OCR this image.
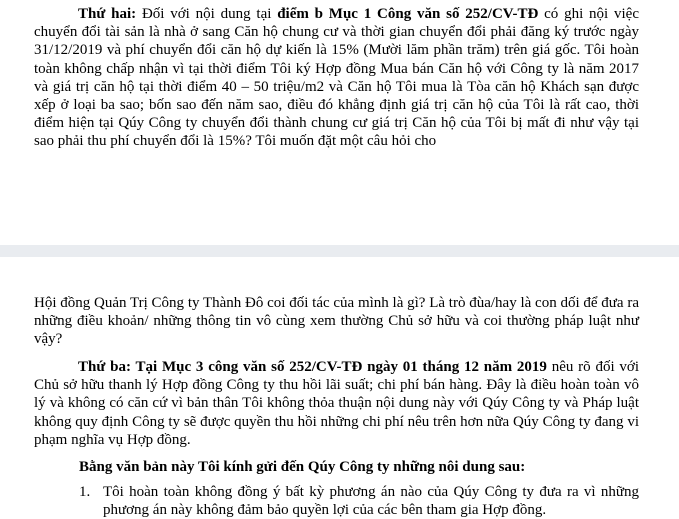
Thứ hai: Đối với nội dung tại điểm b Mục 1 Công văn số 252/CV-TĐ có ghi nội việc chuyển đổi tài sản là nhà ở sang Căn hộ chung cư và thời gian chuyển đổi phải đăng ký trước ngày 31/12/2019 và phí chuyển đổi căn hộ dự kiến là 15% (Mười lăm phần trăm) trên giá gốc. Tôi hoàn toàn không chấp nhận vì tại thời điểm Tôi ký Hợp đồng Mua bán Căn hộ với Công ty là năm 2017 và giá trị căn hộ tại thời điểm 40 – 50 triệu/m2 và Căn hộ Tôi mua là Tòa căn hộ Khách sạn được xếp ở loại ba sao; bốn sao đến năm sao, điều đó khẳng định giá trị căn hộ của Tôi là rất cao, thời điểm hiện tại Qúy Công ty chuyển đổi thành chung cư giá trị Căn hộ của Tôi bị mất đi như vậy tại sao phải thu phí chuyển đổi là 15%? Tôi muốn đặt một câu hỏi cho

Hội đồng Quản Trị Công ty Thành Đô coi đối tác của mình là gì? Là trò đùa/hay là con dối để đưa ra những điều khoản/ những thông tin vô cùng xem thường Chủ sở hữu và coi thường pháp luật như vậy?

Thứ ba: Tại Mục 3 công văn số 252/CV-TĐ ngày 01 tháng 12 năm 2019 nêu rõ đối với Chủ sở hữu thanh lý Hợp đồng Công ty thu hồi lãi suất; chi phí bán hàng. Đây là điều hoàn toàn vô lý và không có căn cứ vì bản thân Tôi không thỏa thuận nội dung này với Qúy Công ty và Pháp luật không quy định Công ty sẽ được quyền thu hồi những chi phí nêu trên hơn nữa Qúy Công ty đang vi phạm nghĩa vụ Hợp đồng.

Bằng văn bản này Tôi kính gửi đến Qúy Công ty những nôi dung sau:

1. Tôi hoàn toàn không đồng ý bất kỳ phương án nào của Qúy Công ty đưa ra vì những phương án này không đảm bảo quyền lợi của các bên tham gia Hợp đồng.
